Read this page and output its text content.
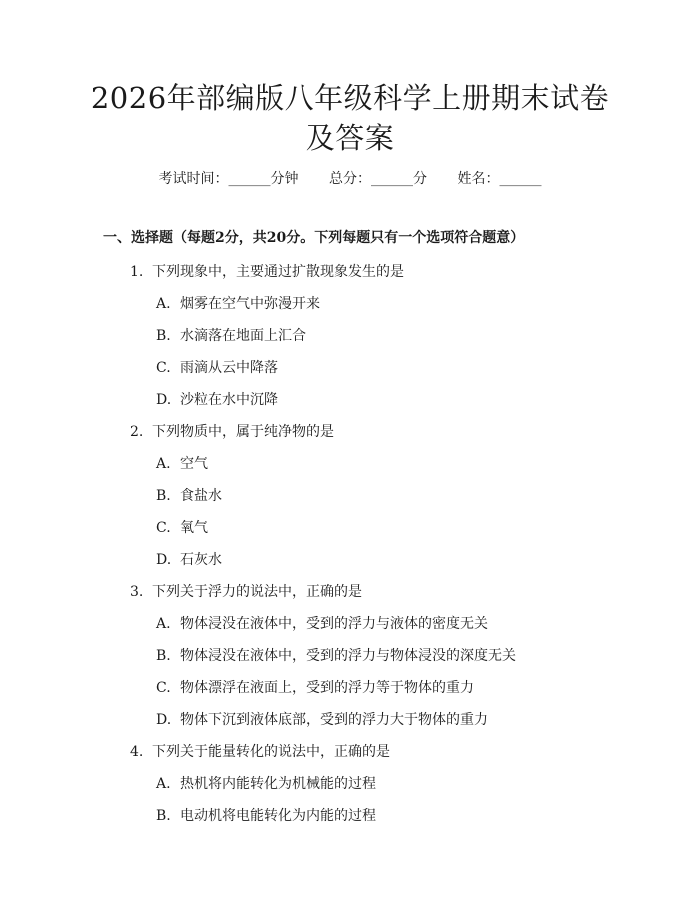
2026年部编版八年级科学上册期末试卷及答案
考试时间：______分钟 总分：______分 姓名：______
一、选择题（每题2分，共20分。下列每题只有一个选项符合题意）
1. 下列现象中，主要通过扩散现象发生的是
A. 烟雾在空气中弥漫开来
B. 水滴落在地面上汇合
C. 雨滴从云中降落
D. 沙粒在水中沉降
2. 下列物质中，属于纯净物的是
A. 空气
B. 食盐水
C. 氧气
D. 石灰水
3. 下列关于浮力的说法中，正确的是
A. 物体浸没在液体中，受到的浮力与液体的密度无关
B. 物体浸没在液体中，受到的浮力与物体浸没的深度无关
C. 物体漂浮在液面上，受到的浮力等于物体的重力
D. 物体下沉到液体底部，受到的浮力大于物体的重力
4. 下列关于能量转化的说法中，正确的是
A. 热机将内能转化为机械能的过程
B. 电动机将电能转化为内能的过程
